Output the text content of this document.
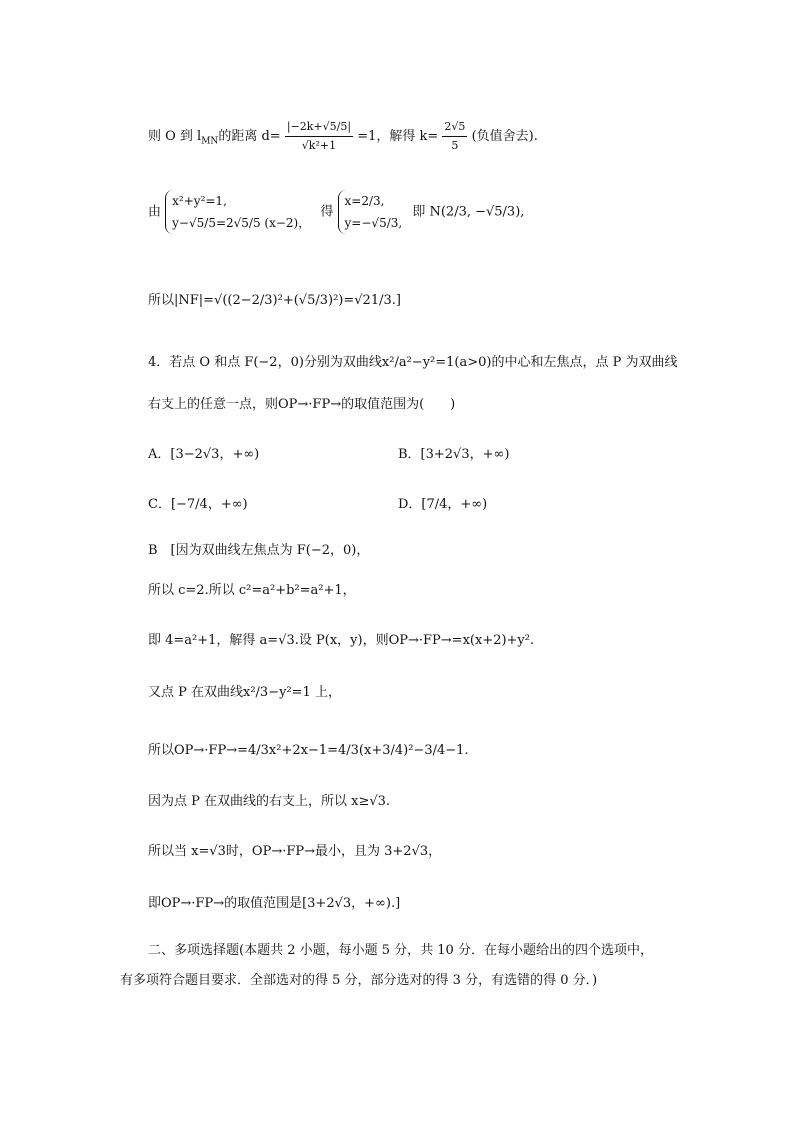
则 O 到 $l_{MN}$的距离 $d= \frac{|-2k+√5/5|}{\text{√k²+1}} =1$，解得 $k= \frac{2√5}{5}$ (负值舍去).
由
x²+y²=1,
y−√5/5=2√5/5 (x−2)，
得
x=2/3,
y=−√5/3,
即 N(2/3, −√5/3),
所以|NF|=√((2−2/3)²+(√5/3)²)=√21/3.]
4．若点 O 和点 F(−2，0)分别为双曲线x²/a²−y²=1(a>0)的中心和左焦点，点 P 为双曲线
右支上的任意一点，则OP→·FP→的取值范围为(　　)
A．[3−2√3，+∞)	B．[3+2√3，+∞)
C．[−7/4，+∞)	D．[7/4，+∞)
B　[因为双曲线左焦点为 F(−2，0)，
所以 c=2.所以 c²=a²+b²=a²+1，
即 4=a²+1，解得 a=√3.设 P(x，y)，则OP→·FP→=x(x+2)+y².
又点 P 在双曲线x²/3−y²=1 上，
所以OP→·FP→=4/3x²+2x−1=4/3(x+3/4)²−3/4−1.
因为点 P 在双曲线的右支上，所以 x≥√3.
所以当 x=√3时，OP→·FP→最小，且为 3+2√3，
即OP→·FP→的取值范围是[3+2√3，+∞).]
二、多项选择题(本题共 2 小题，每小题 5 分，共 10 分．在每小题给出的四个选项中，
有多项符合题目要求．全部选对的得 5 分，部分选对的得 3 分，有选错的得 0 分．)
